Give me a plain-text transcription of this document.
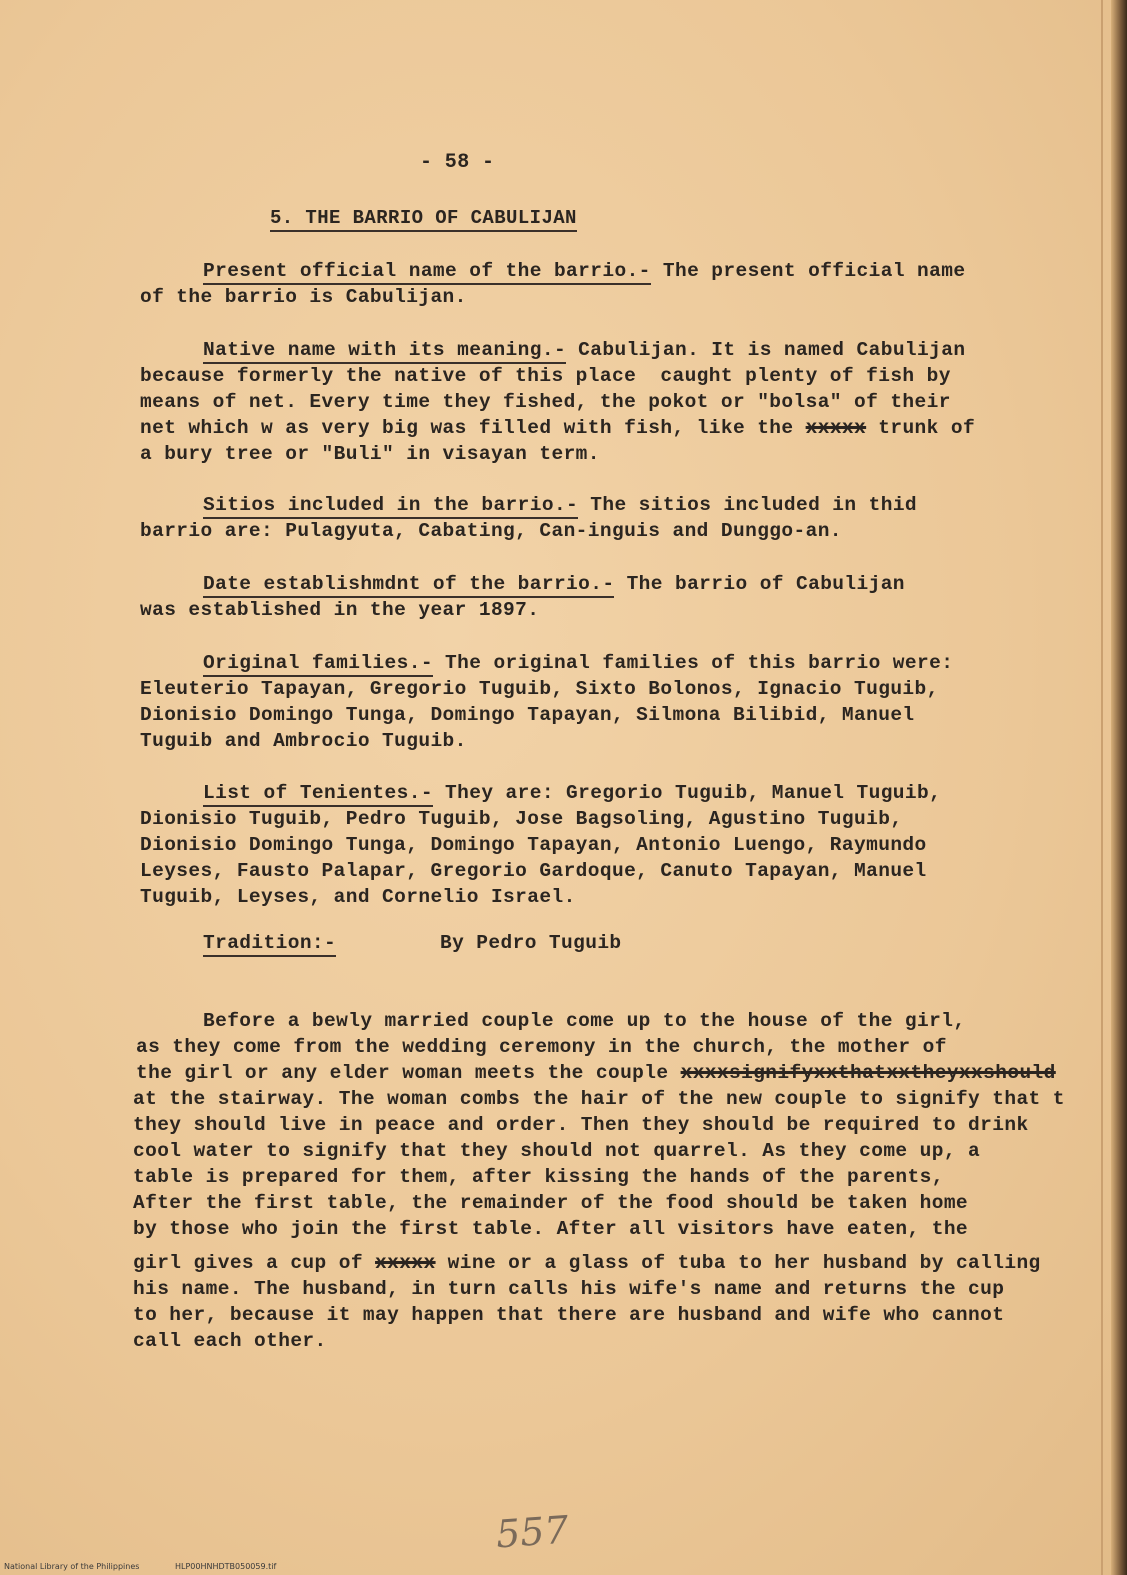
- 58 -
5. THE BARRIO OF CABULIJAN
Present official name of the barrio.- The present official name
of the barrio is Cabulijan.
Native name with its meaning.- Cabulijan. It is named Cabulijan
because formerly the native of this place  caught plenty of fish by
means of net. Every time they fished, the pokot or "bolsa" of their
net which w as very big was filled with fish, like the xxxxx trunk of
a bury tree or "Buli" in visayan term.
Sitios included in the barrio.- The sitios included in thid
barrio are: Pulagyuta, Cabating, Can-inguis and Dunggo-an.
Date establishmdnt of the barrio.- The barrio of Cabulijan
was established in the year 1897.
Original families.- The original families of this barrio were:
Eleuterio Tapayan, Gregorio Tuguib, Sixto Bolonos, Ignacio Tuguib,
Dionisio Domingo Tunga, Domingo Tapayan, Silmona Bilibid, Manuel
Tuguib and Ambrocio Tuguib.
List of Tenientes.- They are: Gregorio Tuguib, Manuel Tuguib,
Dionisio Tuguib, Pedro Tuguib, Jose Bagsoling, Agustino Tuguib,
Dionisio Domingo Tunga, Domingo Tapayan, Antonio Luengo, Raymundo
Leyses, Fausto Palapar, Gregorio Gardoque, Canuto Tapayan, Manuel
Tuguib, Leyses, and Cornelio Israel.
Tradition:-	By Pedro Tuguib
Before a bewly married couple come up to the house of the girl,
as they come from the wedding ceremony in the church, the mother of
the girl or any elder woman meets the couple xxxxsignifyxxthatxxtheyxxshould
at the stairway. The woman combs the hair of the new couple to signify that t
they should live in peace and order. Then they should be required to drink
cool water to signify that they should not quarrel. As they come up, a
table is prepared for them, after kissing the hands of the parents,
After the first table, the remainder of the food should be taken home
by those who join the first table. After all visitors have eaten, the
girl gives a cup of xxxxx wine or a glass of tuba to her husband by calling
his name. The husband, in turn calls his wife's name and returns the cup
to her, because it may happen that there are husband and wife who cannot
call each other.
557
National Library of the Philippines	HLP00HNHDTB050059.tif
